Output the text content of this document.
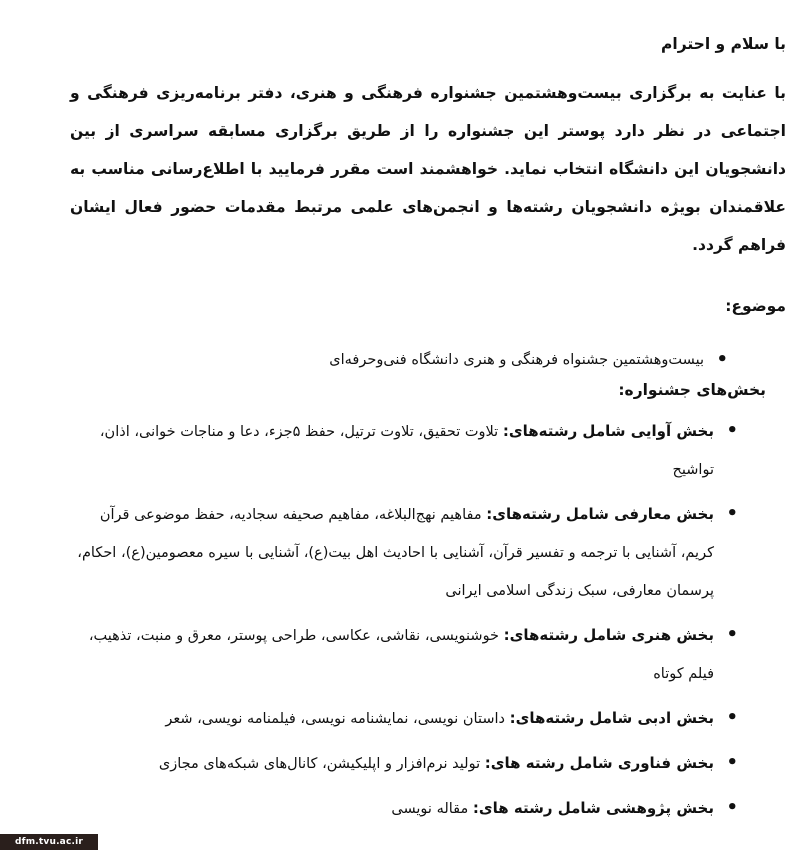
با سلام و احترام

با عنایت به برگزاری بیست‌وهشتمین جشنواره فرهنگی و هنری، دفتر برنامه‌ریزی فرهنگی و اجتماعی در نظر دارد پوستر این جشنواره را از طریق برگزاری مسابقه سراسری از بین دانشجویان این دانشگاه انتخاب نماید. خواهشمند است مقرر فرمایید با اطلاع‌رسانی مناسب به علاقمندان بویژه دانشجویان رشته‌ها و انجمن‌های علمی مرتبط مقدمات حضور فعال ایشان فراهم گردد.

موضوع:

• بیست‌وهشتمین جشنواه فرهنگی و هنری دانشگاه فنی‌وحرفه‌ای

بخش‌های جشنواره:

• بخش آوایی شامل رشته‌های: تلاوت تحقیق، تلاوت ترتیل، حفظ ۵جزء، دعا و مناجات خوانی، اذان، تواشیح
• بخش معارفی شامل رشته‌های: مفاهیم نهج‌البلاغه، مفاهیم صحیفه سجادیه، حفظ موضوعی قرآن کریم، آشنایی با ترجمه و تفسیر قرآن، آشنایی با احادیث اهل بیت(ع)، آشنایی با سیره معصومین(ع)، احکام، پرسمان معارفی، سبک زندگی اسلامی ایرانی
• بخش هنری شامل رشته‌های: خوشنویسی، نقاشی، عکاسی، طراحی پوستر، معرق و منبت، تذهیب، فیلم کوتاه
• بخش ادبی شامل رشته‌های: داستان نویسی، نمایشنامه نویسی، فیلمنامه نویسی، شعر
• بخش فناوری شامل رشته های: تولید نرم‌افزار و اپلیکیشن، کانال‌های شبکه‌های مجازی
• بخش پژوهشی شامل رشته های: مقاله نویسی
dfm.tvu.ac.ir
